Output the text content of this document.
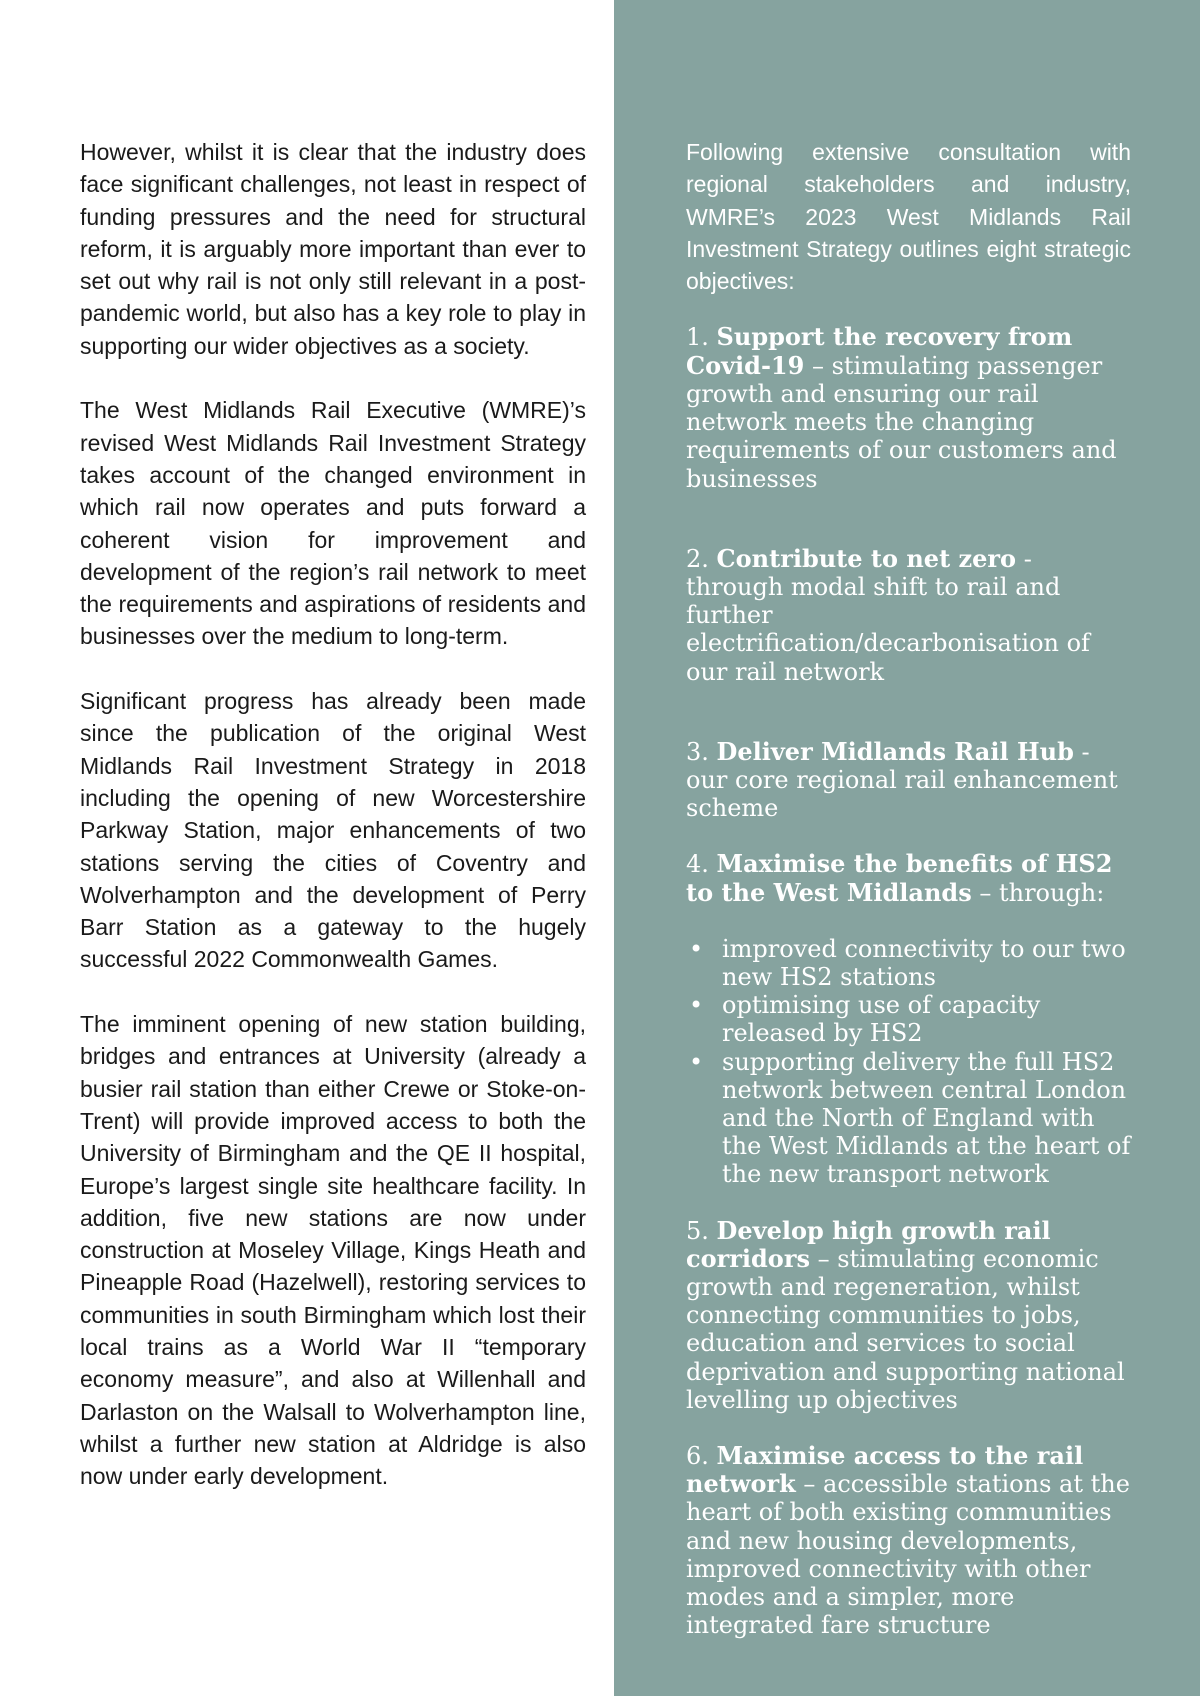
However, whilst it is clear that the industry does face significant challenges, not least in respect of funding pressures and the need for structural reform, it is arguably more important than ever to set out why rail is not only still relevant in a post-pandemic world, but also has a key role to play in supporting our wider objectives as a society.

The West Midlands Rail Executive (WMRE)’s revised West Midlands Rail Investment Strategy takes account of the changed environment in which rail now operates and puts forward a coherent vision for improvement and development of the region’s rail network to meet the requirements and aspirations of residents and businesses over the medium to long-term.

Significant progress has already been made since the publication of the original West Midlands Rail Investment Strategy in 2018 including the opening of new Worcestershire Parkway Station, major enhancements of two stations serving the cities of Coventry and Wolverhampton and the development of Perry Barr Station as a gateway to the hugely successful 2022 Commonwealth Games.

The imminent opening of new station building, bridges and entrances at University (already a busier rail station than either Crewe or Stoke-on-Trent) will provide improved access to both the University of Birmingham and the QE II hospital, Europe’s largest single site healthcare facility. In addition, five new stations are now under construction at Moseley Village, Kings Heath and Pineapple Road (Hazelwell), restoring services to communities in south Birmingham which lost their local trains as a World War II “temporary economy measure”, and also at Willenhall and Darlaston on the Walsall to Wolverhampton line, whilst a further new station at Aldridge is also now under early development.

Following extensive consultation with regional stakeholders and industry, WMRE’s 2023 West Midlands Rail Investment Strategy outlines eight strategic objectives:

1. Support the recovery from Covid-19 – stimulating passenger growth and ensuring our rail network meets the changing requirements of our customers and businesses

2. Contribute to net zero - through modal shift to rail and further electrification/decarbonisation of our rail network

3. Deliver Midlands Rail Hub - our core regional rail enhancement scheme

4. Maximise the benefits of HS2 to the West Midlands – through:

• improved connectivity to our two new HS2 stations
• optimising use of capacity released by HS2
• supporting delivery the full HS2 network between central London and the North of England with the West Midlands at the heart of the new transport network

5. Develop high growth rail corridors – stimulating economic growth and regeneration, whilst connecting communities to jobs, education and services to social deprivation and supporting national levelling up objectives

6. Maximise access to the rail network – accessible stations at the heart of both existing communities and new housing developments, improved connectivity with other modes and a simpler, more integrated fare structure
